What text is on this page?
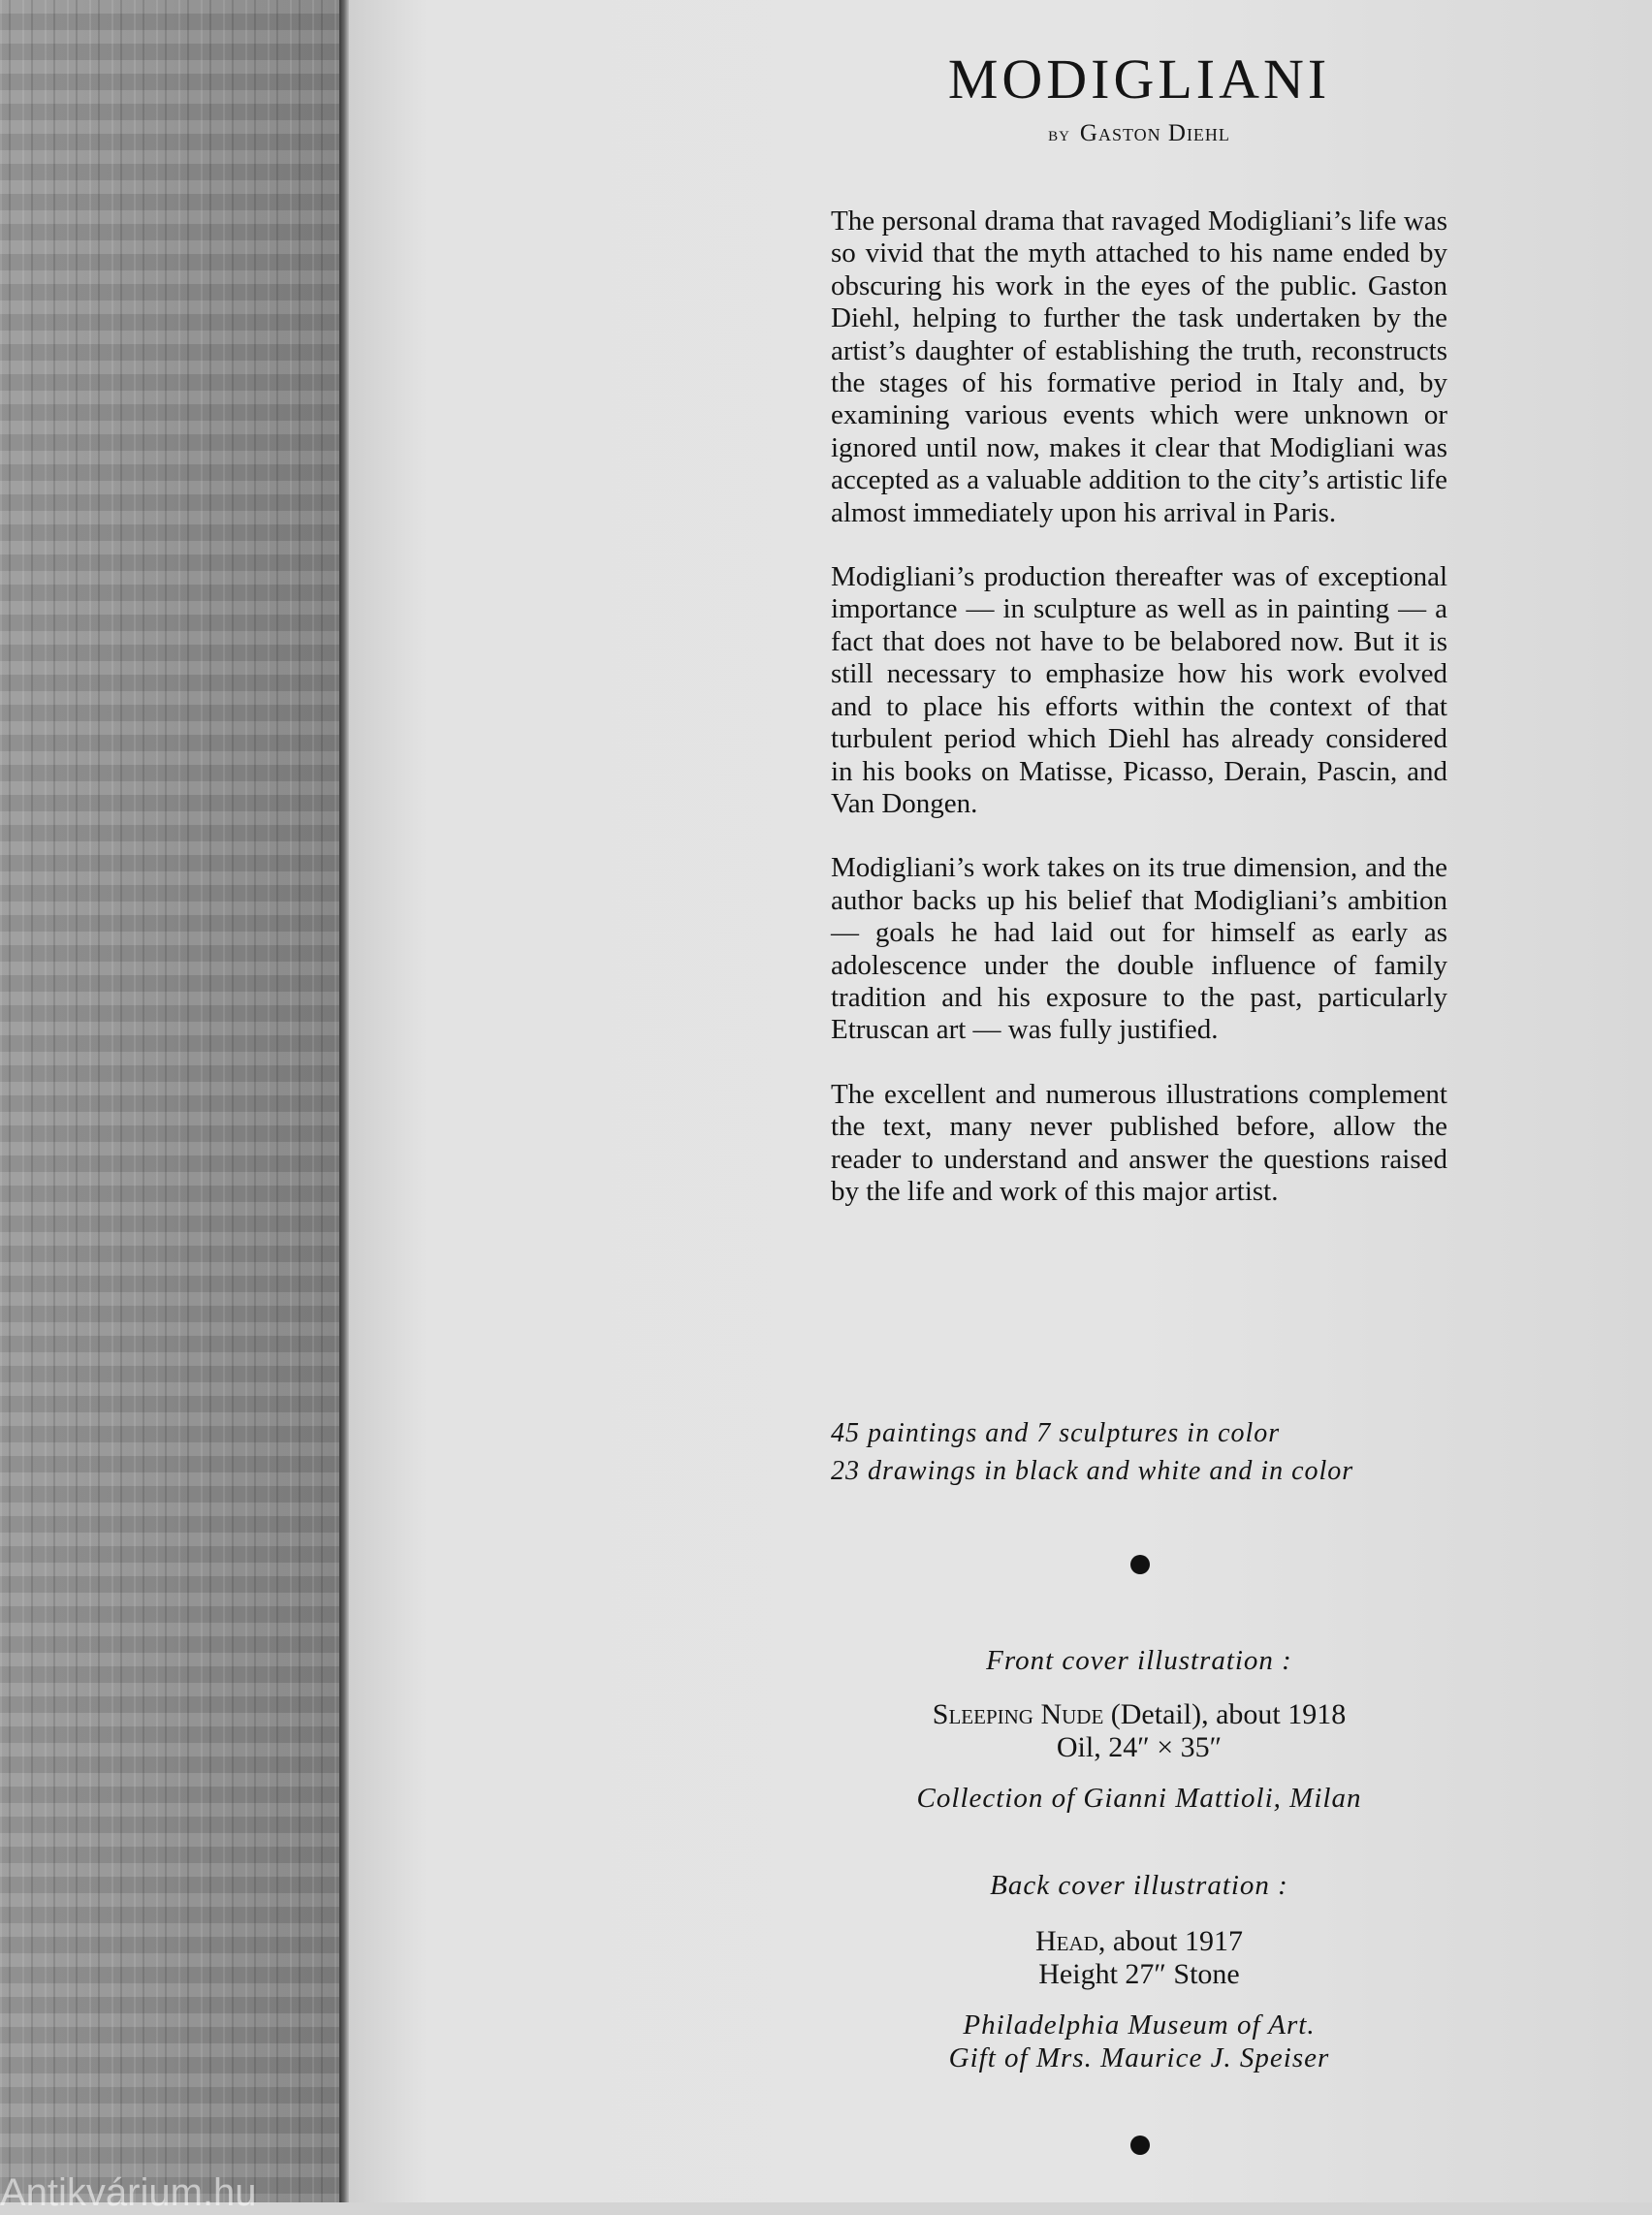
Antikvárium.hu
MODIGLIANI
by Gaston Diehl

The personal drama that ravaged Modigliani’s life was so vivid that the myth attached to his name ended by obscuring his work in the eyes of the public. Gaston Diehl, helping to further the task undertaken by the artist’s daughter of establishing the truth, reconstructs the stages of his formative period in Italy and, by examining various events which were unknown or ignored until now, makes it clear that Modigliani was accepted as a valuable addition to the city’s artistic life almost immediately upon his arrival in Paris.

Modigliani’s production thereafter was of exceptional importance — in sculpture as well as in painting — a fact that does not have to be belabored now. But it is still necessary to emphasize how his work evolved and to place his efforts within the context of that turbulent period which Diehl has already considered in his books on Matisse, Picasso, Derain, Pascin, and Van Dongen.

Modigliani’s work takes on its true dimension, and the author backs up his belief that Modigliani’s ambition — goals he had laid out for himself as early as adolescence under the double influence of family tradition and his exposure to the past, particularly Etruscan art — was fully justified.

The excellent and numerous illustrations complement the text, many never published before, allow the reader to understand and answer the questions raised by the life and work of this major artist.

45 paintings and 7 sculptures in color
23 drawings in black and white and in color
Front cover illustration :
Sleeping Nude (Detail), about 1918
Oil, 24″ × 35″
Collection of Gianni Mattioli, Milan
Back cover illustration :
Head, about 1917
Height 27″ Stone
Philadelphia Museum of Art.
Gift of Mrs. Maurice J. Speiser
